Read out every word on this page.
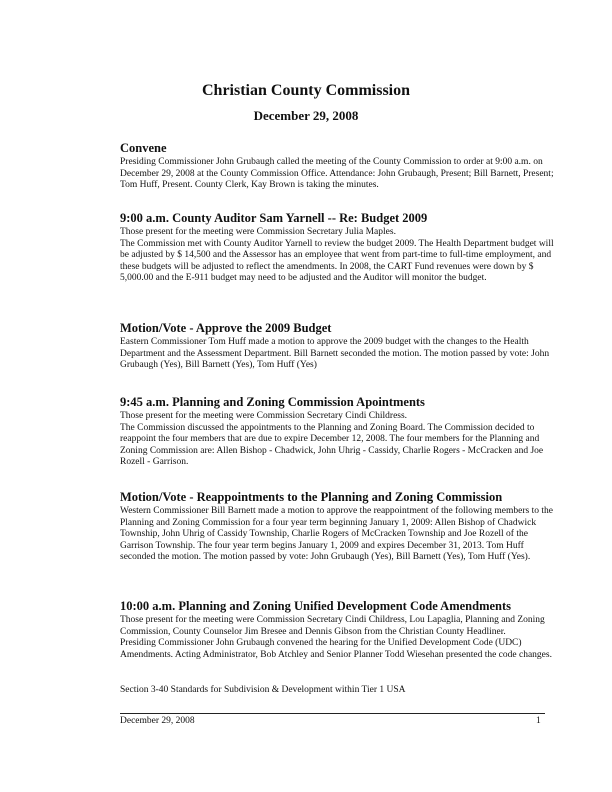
Christian County Commission
December 29, 2008
Convene

Presiding Commissioner John Grubaugh called the meeting of the County Commission to order at 9:00 a.m. on December 29, 2008 at the County Commission Office. Attendance: John Grubaugh, Present; Bill Barnett, Present; Tom Huff, Present. County Clerk, Kay Brown is taking the minutes.

9:00 a.m. County Auditor Sam Yarnell -- Re: Budget 2009

Those present for the meeting were Commission Secretary Julia Maples.

The Commission met with County Auditor Yarnell to review the budget 2009. The Health Department budget will be adjusted by $ 14,500 and the Assessor has an employee that went from part-time to full-time employment, and these budgets will be adjusted to reflect the amendments. In 2008, the CART Fund revenues were down by $ 5,000.00 and the E-911 budget may need to be adjusted and the Auditor will monitor the budget.

Motion/Vote - Approve the 2009 Budget

Eastern Commissioner Tom Huff made a motion to approve the 2009 budget with the changes to the Health Department and the Assessment Department. Bill Barnett seconded the motion. The motion passed by vote: John Grubaugh (Yes), Bill Barnett (Yes), Tom Huff (Yes)

9:45 a.m. Planning and Zoning Commission Apointments

Those present for the meeting were Commission Secretary Cindi Childress.

The Commission discussed the appointments to the Planning and Zoning Board. The Commission decided to reappoint the four members that are due to expire December 12, 2008. The four members for the Planning and Zoning Commission are: Allen Bishop - Chadwick, John Uhrig - Cassidy, Charlie Rogers - McCracken and Joe Rozell - Garrison.

Motion/Vote - Reappointments to the Planning and Zoning Commission

Western Commissioner Bill Barnett made a motion to approve the reappointment of the following members to the Planning and Zoning Commission for a four year term beginning January 1, 2009: Allen Bishop of Chadwick Township, John Uhrig of Cassidy Township, Charlie Rogers of McCracken Township and Joe Rozell of the Garrison Township. The four year term begins January 1, 2009 and expires December 31, 2013. Tom Huff seconded the motion. The motion passed by vote: John Grubaugh (Yes), Bill Barnett (Yes), Tom Huff (Yes).

10:00 a.m. Planning and Zoning Unified Development Code Amendments

Those present for the meeting were Commission Secretary Cindi Childress, Lou Lapaglia, Planning and Zoning Commission, County Counselor Jim Bresee and Dennis Gibson from the Christian County Headliner.

Presiding Commissioner John Grubaugh convened the hearing for the Unified Development Code (UDC) Amendments. Acting Administrator, Bob Atchley and Senior Planner Todd Wiesehan presented the code changes.

Section 3-40 Standards for Subdivision & Development within Tier 1 USA
December 29, 2008	1
